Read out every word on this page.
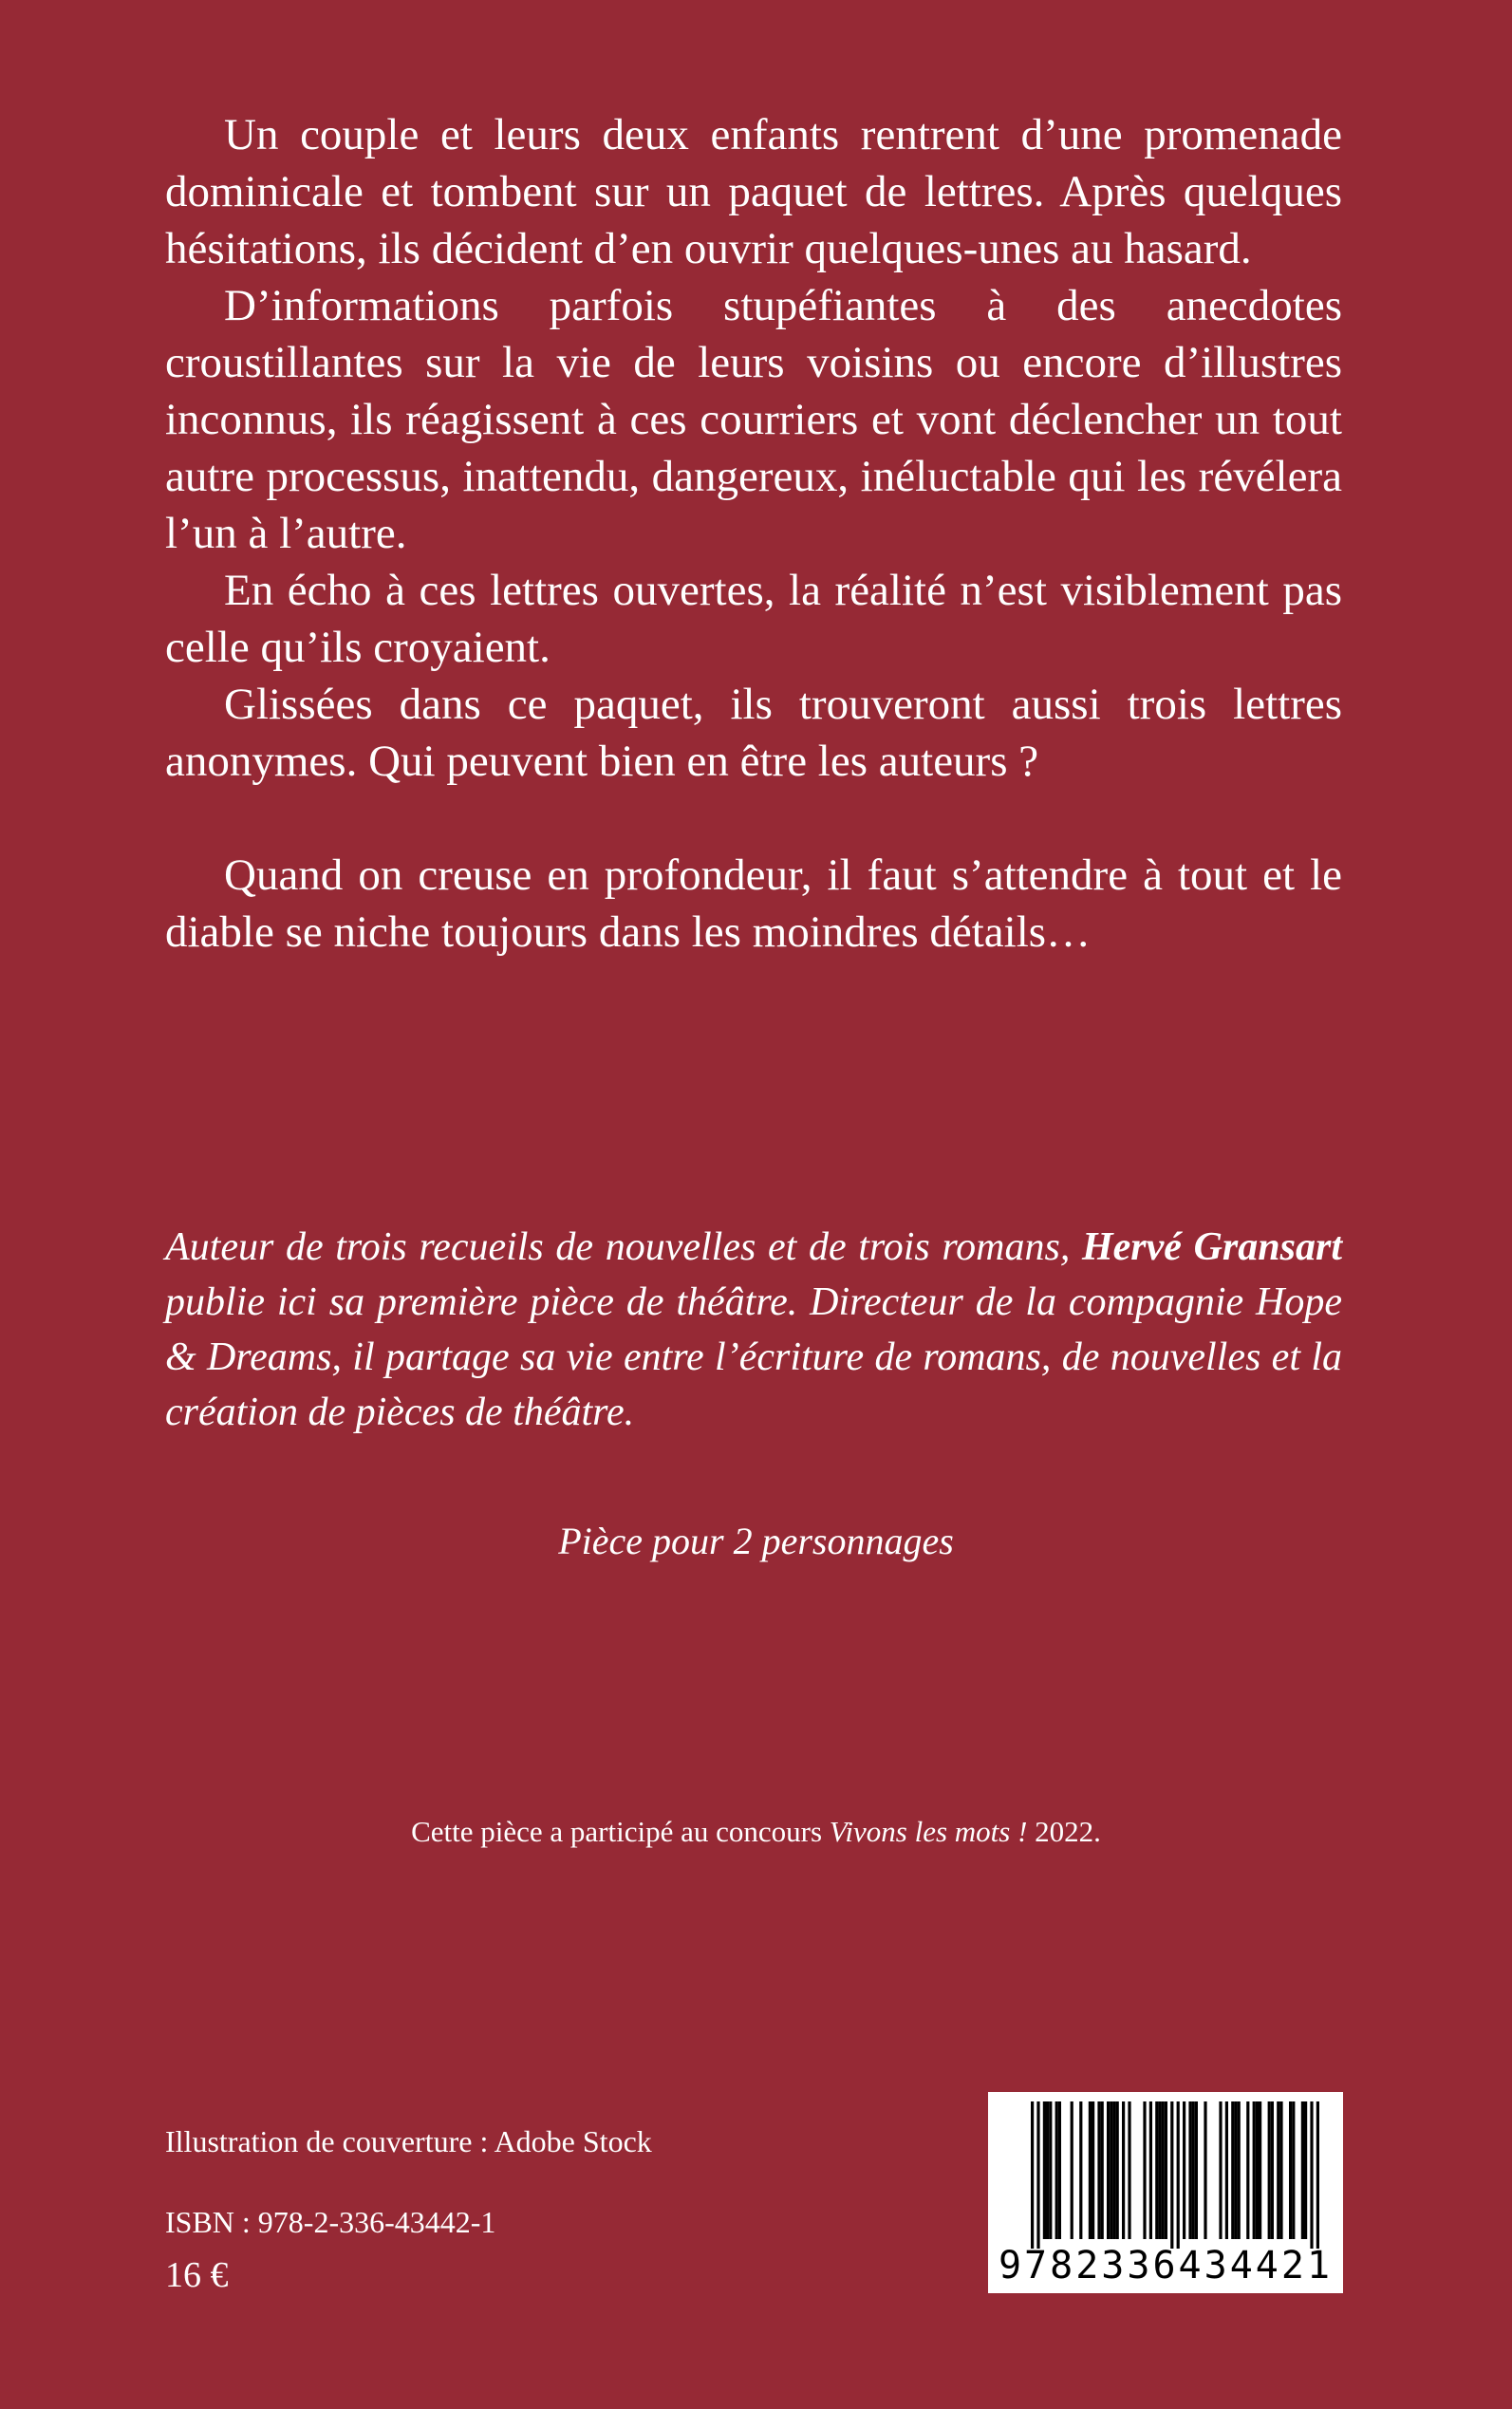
Un couple et leurs deux enfants rentrent d’une promenade dominicale et tombent sur un paquet de lettres. Après quelques hésitations, ils décident d’en ouvrir quelques-unes au hasard.

D’informations parfois stupéfiantes à des anecdotes croustillantes sur la vie de leurs voisins ou encore d’illustres inconnus, ils réagissent à ces courriers et vont déclencher un tout autre processus, inattendu, dangereux, inéluctable qui les révélera l’un à l’autre.

En écho à ces lettres ouvertes, la réalité n’est visiblement pas celle qu’ils croyaient.

Glissées dans ce paquet, ils trouveront aussi trois lettres anonymes. Qui peuvent bien en être les auteurs ?

Quand on creuse en profondeur, il faut s’attendre à tout et le diable se niche toujours dans les moindres détails…

Auteur de trois recueils de nouvelles et de trois romans, Hervé Gransart publie ici sa première pièce de théâtre. Directeur de la compagnie Hope & Dreams, il partage sa vie entre l’écriture de romans, de nouvelles et la création de pièces de théâtre.

Pièce pour 2 personnages

Cette pièce a participé au concours Vivons les mots ! 2022.

Illustration de couverture : Adobe Stock

ISBN : 978-2-336-43442-1

16 €	9782336434421
